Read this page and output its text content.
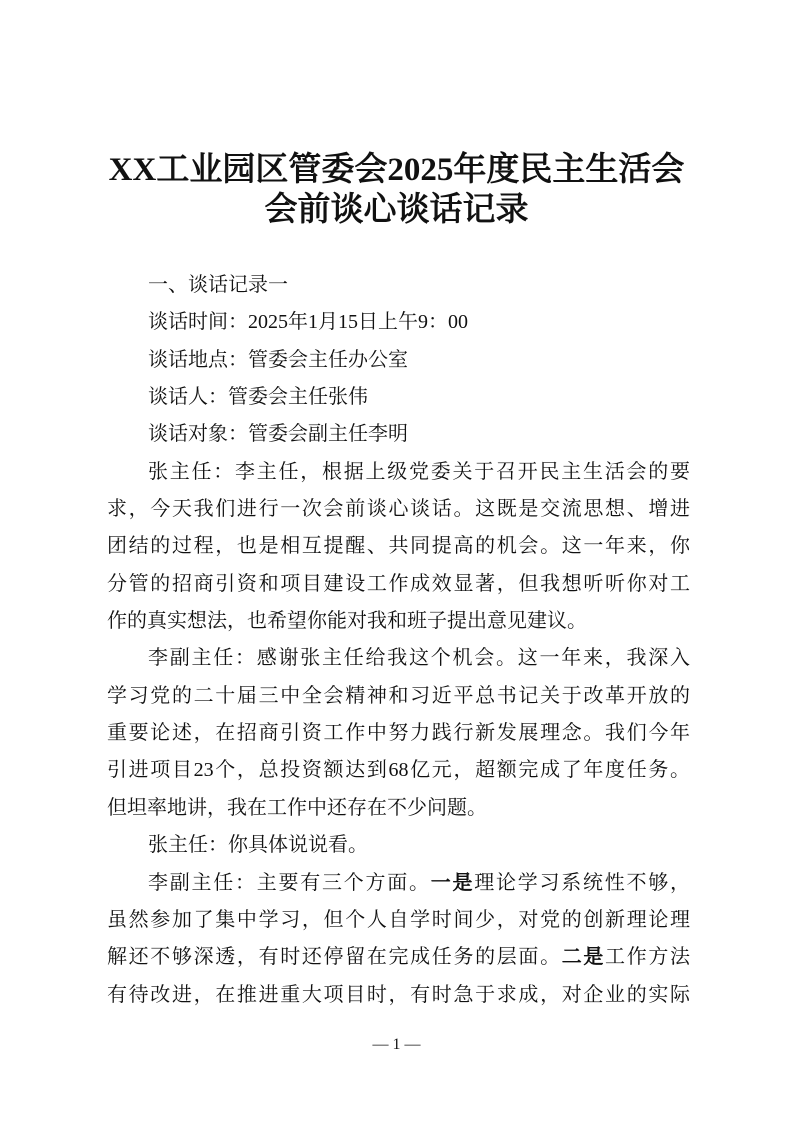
XX工业园区管委会2025年度民主生活会
会前谈心谈话记录
一、谈话记录一
谈话时间：2025年1月15日上午9：00
谈话地点：管委会主任办公室
谈话人：管委会主任张伟
谈话对象：管委会副主任李明
张主任：李主任，根据上级党委关于召开民主生活会的要
求，今天我们进行一次会前谈心谈话。这既是交流思想、增进
团结的过程，也是相互提醒、共同提高的机会。这一年来，你
分管的招商引资和项目建设工作成效显著，但我想听听你对工
作的真实想法，也希望你能对我和班子提出意见建议。
李副主任：感谢张主任给我这个机会。这一年来，我深入
学习党的二十届三中全会精神和习近平总书记关于改革开放的
重要论述，在招商引资工作中努力践行新发展理念。我们今年
引进项目23个，总投资额达到68亿元，超额完成了年度任务。
但坦率地讲，我在工作中还存在不少问题。
张主任：你具体说说看。
李副主任：主要有三个方面。一是理论学习系统性不够，
虽然参加了集中学习，但个人自学时间少，对党的创新理论理
解还不够深透，有时还停留在完成任务的层面。二是工作方法
有待改进，在推进重大项目时，有时急于求成，对企业的实际
— 1 —
